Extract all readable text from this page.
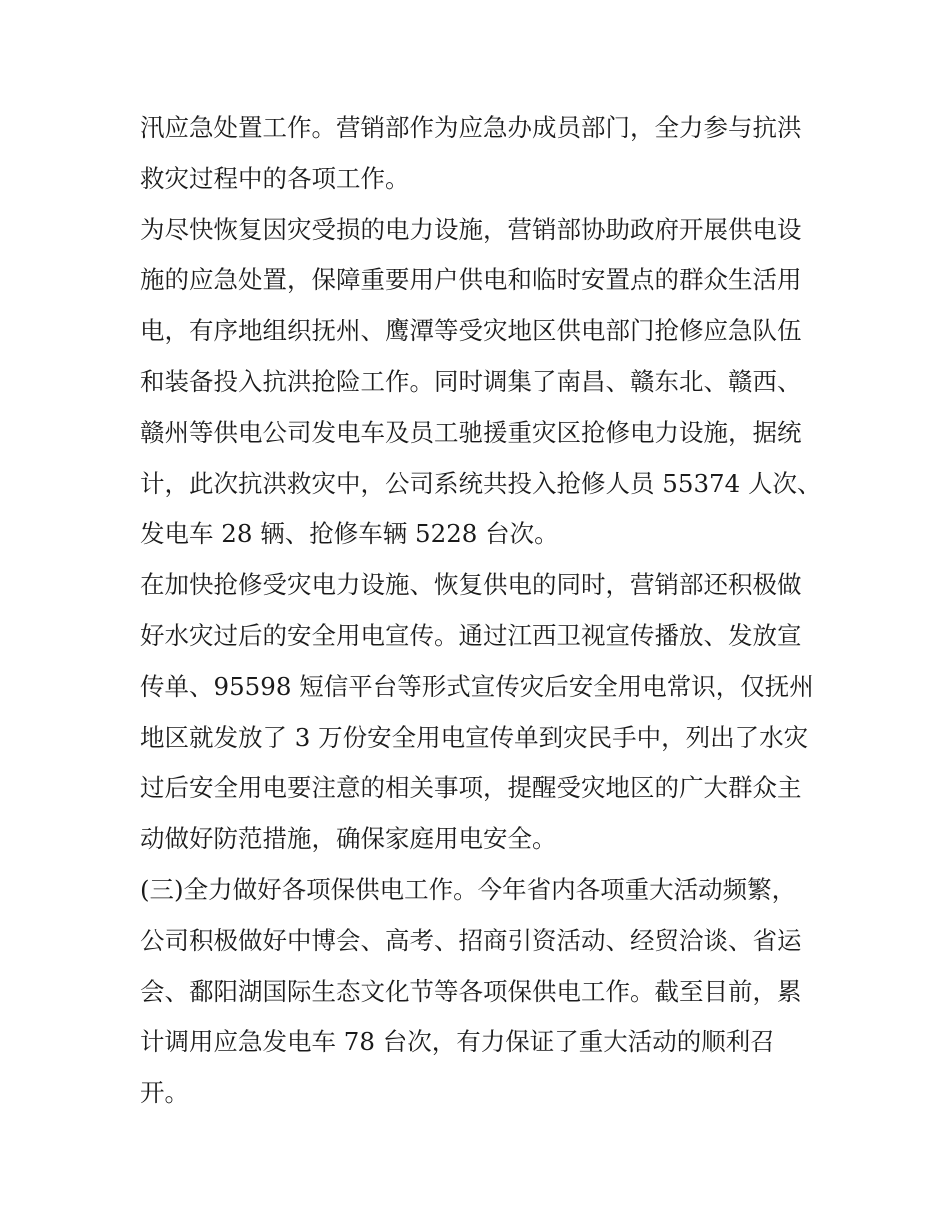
汛应急处置工作。营销部作为应急办成员部门，全力参与抗洪
救灾过程中的各项工作。
为尽快恢复因灾受损的电力设施，营销部协助政府开展供电设
施的应急处置，保障重要用户供电和临时安置点的群众生活用
电，有序地组织抚州、鹰潭等受灾地区供电部门抢修应急队伍
和装备投入抗洪抢险工作。同时调集了南昌、赣东北、赣西、
赣州等供电公司发电车及员工驰援重灾区抢修电力设施，据统
计，此次抗洪救灾中，公司系统共投入抢修人员 55374 人次、
发电车 28 辆、抢修车辆 5228 台次。
在加快抢修受灾电力设施、恢复供电的同时，营销部还积极做
好水灾过后的安全用电宣传。通过江西卫视宣传播放、发放宣
传单、95598 短信平台等形式宣传灾后安全用电常识，仅抚州
地区就发放了 3 万份安全用电宣传单到灾民手中，列出了水灾
过后安全用电要注意的相关事项，提醒受灾地区的广大群众主
动做好防范措施，确保家庭用电安全。
(三)全力做好各项保供电工作。今年省内各项重大活动频繁，
公司积极做好中博会、高考、招商引资活动、经贸洽谈、省运
会、鄱阳湖国际生态文化节等各项保供电工作。截至目前，累
计调用应急发电车 78 台次，有力保证了重大活动的顺利召
开。
